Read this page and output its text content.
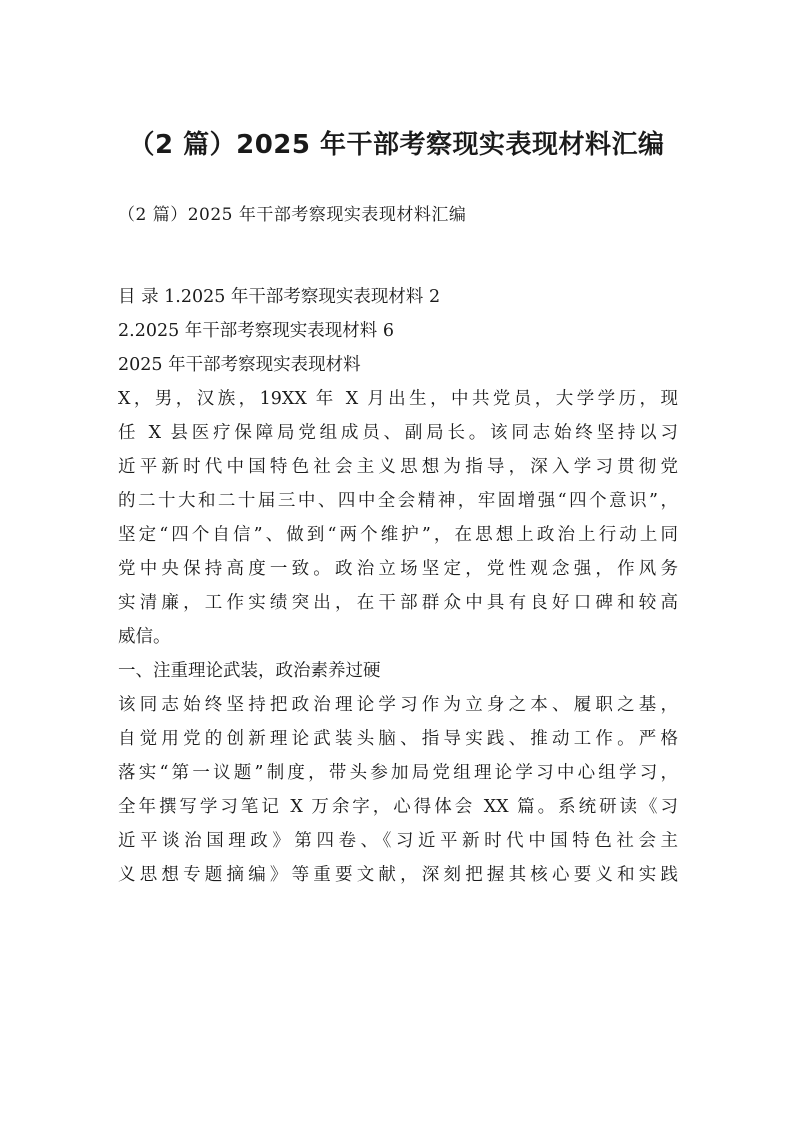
（2 篇）2025 年干部考察现实表现材料汇编

（2 篇）2025 年干部考察现实表现材料汇编

目 录 1.2025 年干部考察现实表现材料 2
2.2025 年干部考察现实表现材料 6
2025 年干部考察现实表现材料
X，男，汉族，19XX 年 X 月出生，中共党员，大学学历，现
任 X 县医疗保障局党组成员、副局长。该同志始终坚持以习
近平新时代中国特色社会主义思想为指导，深入学习贯彻党
的二十大和二十届三中、四中全会精神，牢固增强“四个意识”，
坚定“四个自信”、做到“两个维护”，在思想上政治上行动上同
党中央保持高度一致。政治立场坚定，党性观念强，作风务
实清廉，工作实绩突出，在干部群众中具有良好口碑和较高
威信。
一、注重理论武装，政治素养过硬
该同志始终坚持把政治理论学习作为立身之本、履职之基，
自觉用党的创新理论武装头脑、指导实践、推动工作。严格
落实“第一议题”制度，带头参加局党组理论学习中心组学习，
全年撰写学习笔记 X 万余字，心得体会 XX 篇。系统研读《习
近平谈治国理政》第四卷、《习近平新时代中国特色社会主
义思想专题摘编》等重要文献，深刻把握其核心要义和实践
